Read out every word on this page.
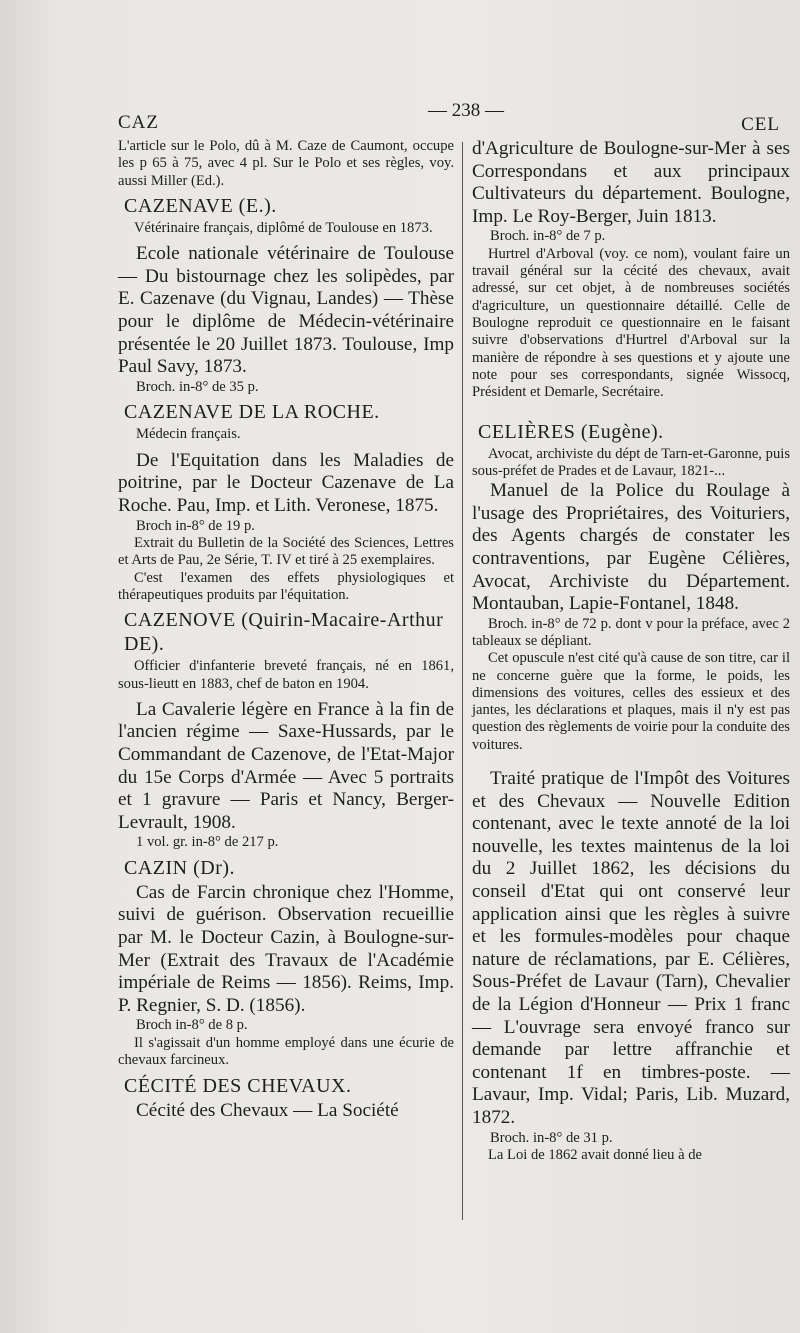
CAZ
— 238 —
CEL
L'article sur le Polo, dû à M. Caze de Caumont, occupe les p 65 à 75, avec 4 pl. Sur le Polo et ses règles, voy. aussi Miller (Ed.).
CAZENAVE (E.).
Vétérinaire français, diplômé de Toulouse en 1873.
Ecole nationale vétérinaire de Toulouse — Du bistournage chez les solipèdes, par E. Cazenave (du Vignau, Landes) — Thèse pour le diplôme de Médecin-vétérinaire présentée le 20 Juillet 1873. Toulouse, Imp Paul Savy, 1873.
Broch. in-8° de 35 p.
CAZENAVE DE LA ROCHE.
Médecin français.
De l'Equitation dans les Maladies de poitrine, par le Docteur Cazenave de La Roche. Pau, Imp. et Lith. Veronese, 1875.
Broch in-8° de 19 p.
Extrait du Bulletin de la Société des Sciences, Lettres et Arts de Pau, 2e Série, T. IV et tiré à 25 exemplaires.
C'est l'examen des effets physiologiques et thérapeutiques produits par l'équitation.
CAZENOVE (Quirin-Macaire-Arthur DE).
Officier d'infanterie breveté français, né en 1861, sous-lieutt en 1883, chef de baton en 1904.
La Cavalerie légère en France à la fin de l'ancien régime — Saxe-Hussards, par le Commandant de Cazenove, de l'Etat-Major du 15e Corps d'Armée — Avec 5 portraits et 1 gravure — Paris et Nancy, Berger-Levrault, 1908.
1 vol. gr. in-8° de 217 p.
CAZIN (Dr).
Cas de Farcin chronique chez l'Homme, suivi de guérison. Observation recueillie par M. le Docteur Cazin, à Boulogne-sur-Mer (Extrait des Travaux de l'Académie impériale de Reims — 1856). Reims, Imp. P. Regnier, S. D. (1856).
Broch in-8° de 8 p.
Il s'agissait d'un homme employé dans une écurie de chevaux farcineux.
CÉCITÉ DES CHEVAUX.
Cécité des Chevaux — La Société
d'Agriculture de Boulogne-sur-Mer à ses Correspondans et aux principaux Cultivateurs du département. Boulogne, Imp. Le Roy-Berger, Juin 1813.
Broch. in-8° de 7 p.
Hurtrel d'Arboval (voy. ce nom), voulant faire un travail général sur la cécité des chevaux, avait adressé, sur cet objet, à de nombreuses sociétés d'agriculture, un questionnaire détaillé. Celle de Boulogne reproduit ce questionnaire en le faisant suivre d'observations d'Hurtrel d'Arboval sur la manière de répondre à ses questions et y ajoute une note pour ses correspondants, signée Wissocq, Président et Demarle, Secrétaire.
CELIÈRES (Eugène).
Avocat, archiviste du dépt de Tarn-et-Garonne, puis sous-préfet de Prades et de Lavaur, 1821-...
Manuel de la Police du Roulage à l'usage des Propriétaires, des Voituriers, des Agents chargés de constater les contraventions, par Eugène Célières, Avocat, Archiviste du Département. Montauban, Lapie-Fontanel, 1848.
Broch. in-8° de 72 p. dont v pour la préface, avec 2 tableaux se dépliant.
Cet opuscule n'est cité qu'à cause de son titre, car il ne concerne guère que la forme, le poids, les dimensions des voitures, celles des essieux et des jantes, les déclarations et plaques, mais il n'y est pas question des règlements de voirie pour la conduite des voitures.
Traité pratique de l'Impôt des Voitures et des Chevaux — Nouvelle Edition contenant, avec le texte annoté de la loi nouvelle, les textes maintenus de la loi du 2 Juillet 1862, les décisions du conseil d'Etat qui ont conservé leur application ainsi que les règles à suivre et les formules-modèles pour chaque nature de réclamations, par E. Célières, Sous-Préfet de Lavaur (Tarn), Chevalier de la Légion d'Honneur — Prix 1 franc — L'ouvrage sera envoyé franco sur demande par lettre affranchie et contenant 1f en timbres-poste. — Lavaur, Imp. Vidal; Paris, Lib. Muzard, 1872.
Broch. in-8° de 31 p.
La Loi de 1862 avait donné lieu à de
